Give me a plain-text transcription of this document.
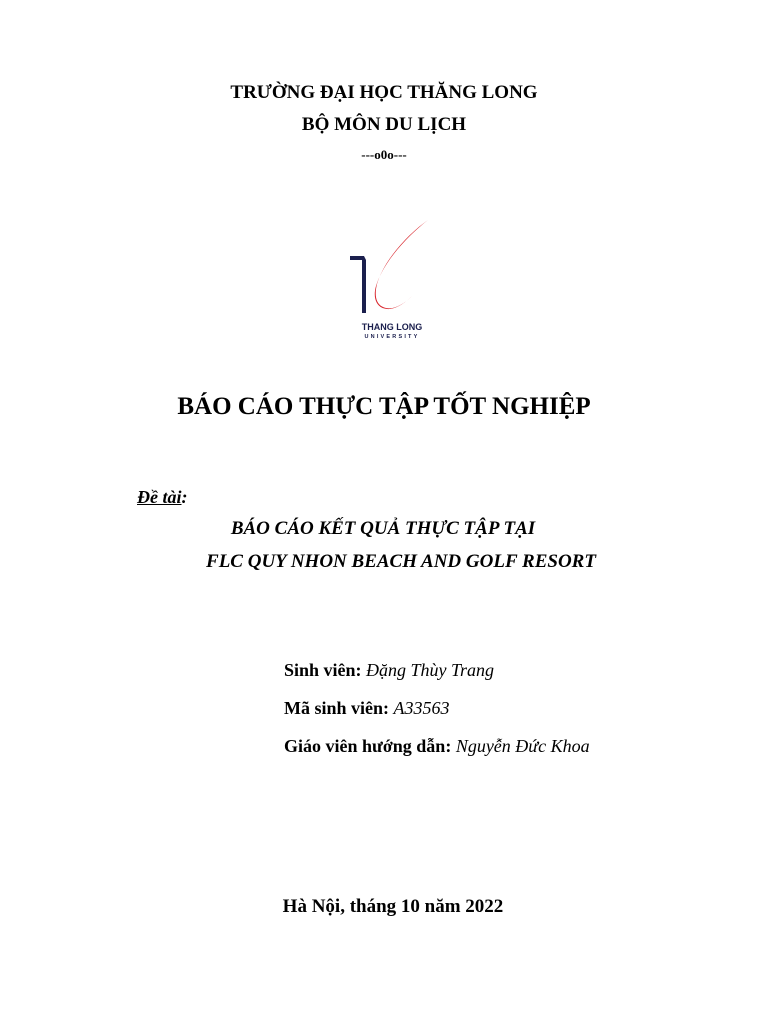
TRƯỜNG ĐẠI HỌC THĂNG LONG
BỘ MÔN DU LỊCH
---o0o---
THANG LONG
UNIVERSITY
BÁO CÁO THỰC TẬP TỐT NGHIỆP
Đề tài:
BÁO CÁO KẾT QUẢ THỰC TẬP TẠI
FLC QUY NHON BEACH AND GOLF RESORT
Sinh viên: Đặng Thùy Trang
Mã sinh viên: A33563
Giáo viên hướng dẫn: Nguyễn Đức Khoa
Hà Nội, tháng 10 năm 2022
